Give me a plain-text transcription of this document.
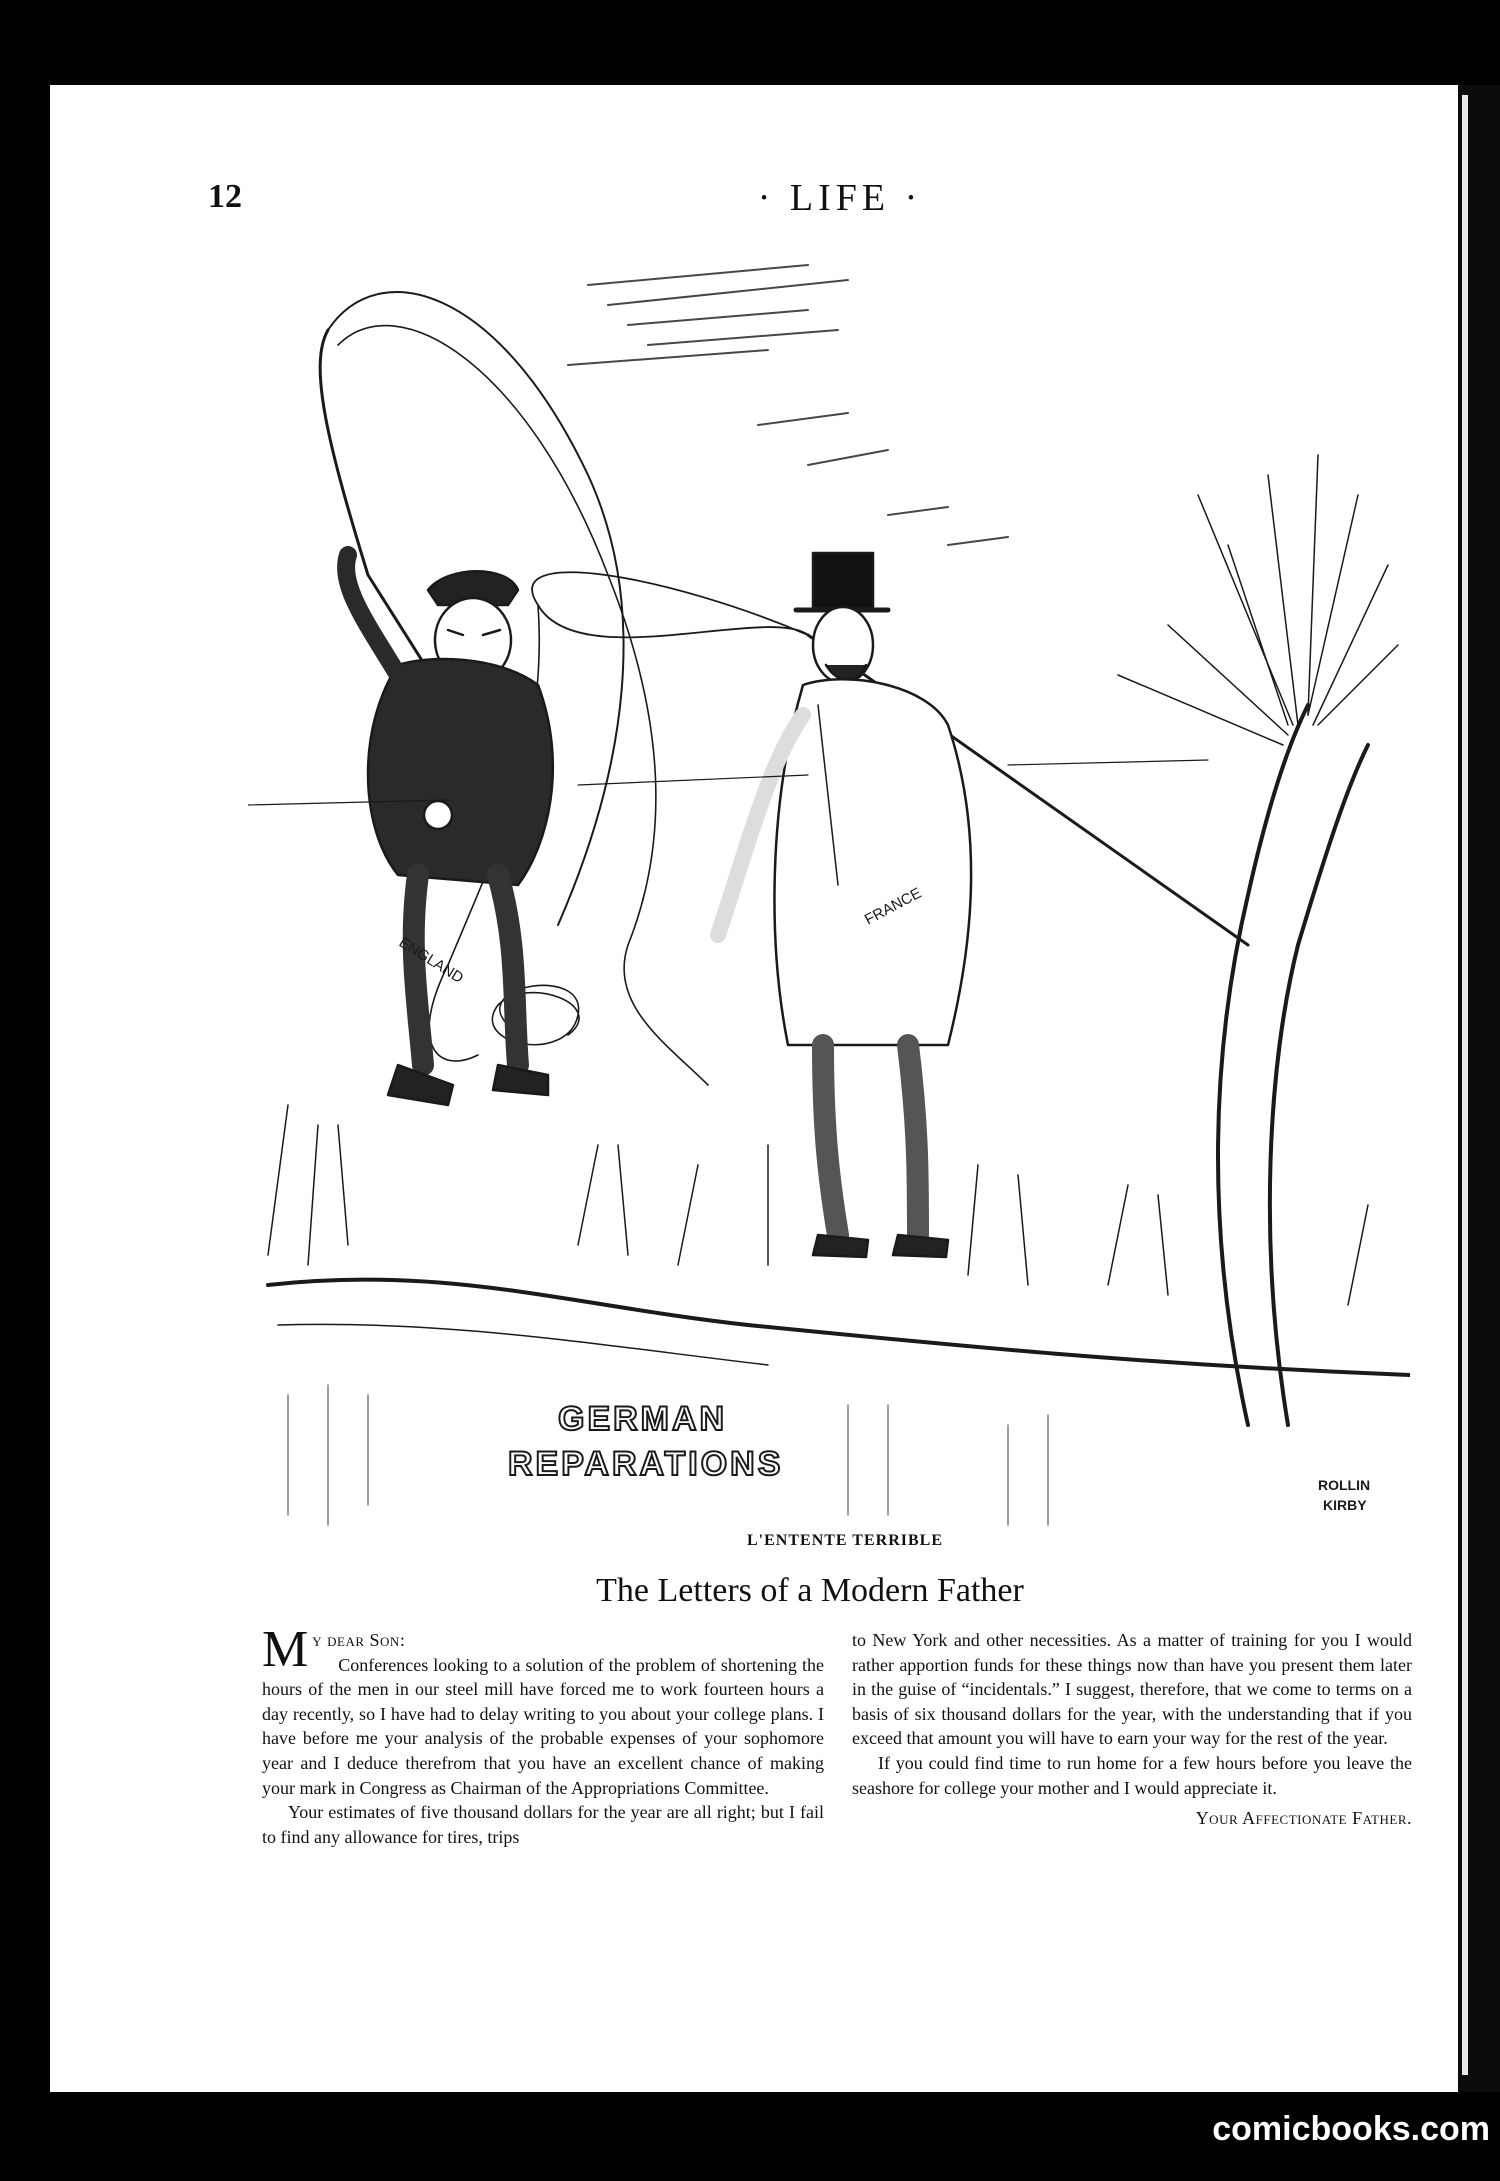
12	· LIFE ·
ENGLAND
FRANCE
GERMAN
REPARATIONS
ROLLIN
KIRBY
L'ENTENTE TERRIBLE
The Letters of a Modern Father

My dear Son:

Conferences looking to a solution of the problem of shortening the hours of the men in our steel mill have forced me to work fourteen hours a day recently, so I have had to delay writing to you about your college plans. I have before me your analysis of the probable expenses of your sophomore year and I deduce therefrom that you have an excellent chance of making your mark in Congress as Chairman of the Appropriations Committee.

Your estimates of five thousand dollars for the year are all right; but I fail to find any allowance for tires, trips

to New York and other necessities. As a matter of training for you I would rather apportion funds for these things now than have you present them later in the guise of “incidentals.” I suggest, therefore, that we come to terms on a basis of six thousand dollars for the year, with the understanding that if you exceed that amount you will have to earn your way for the rest of the year.

If you could find time to run home for a few hours before you leave the seashore for college your mother and I would appreciate it.

Your Affectionate Father.

comicbooks.com
